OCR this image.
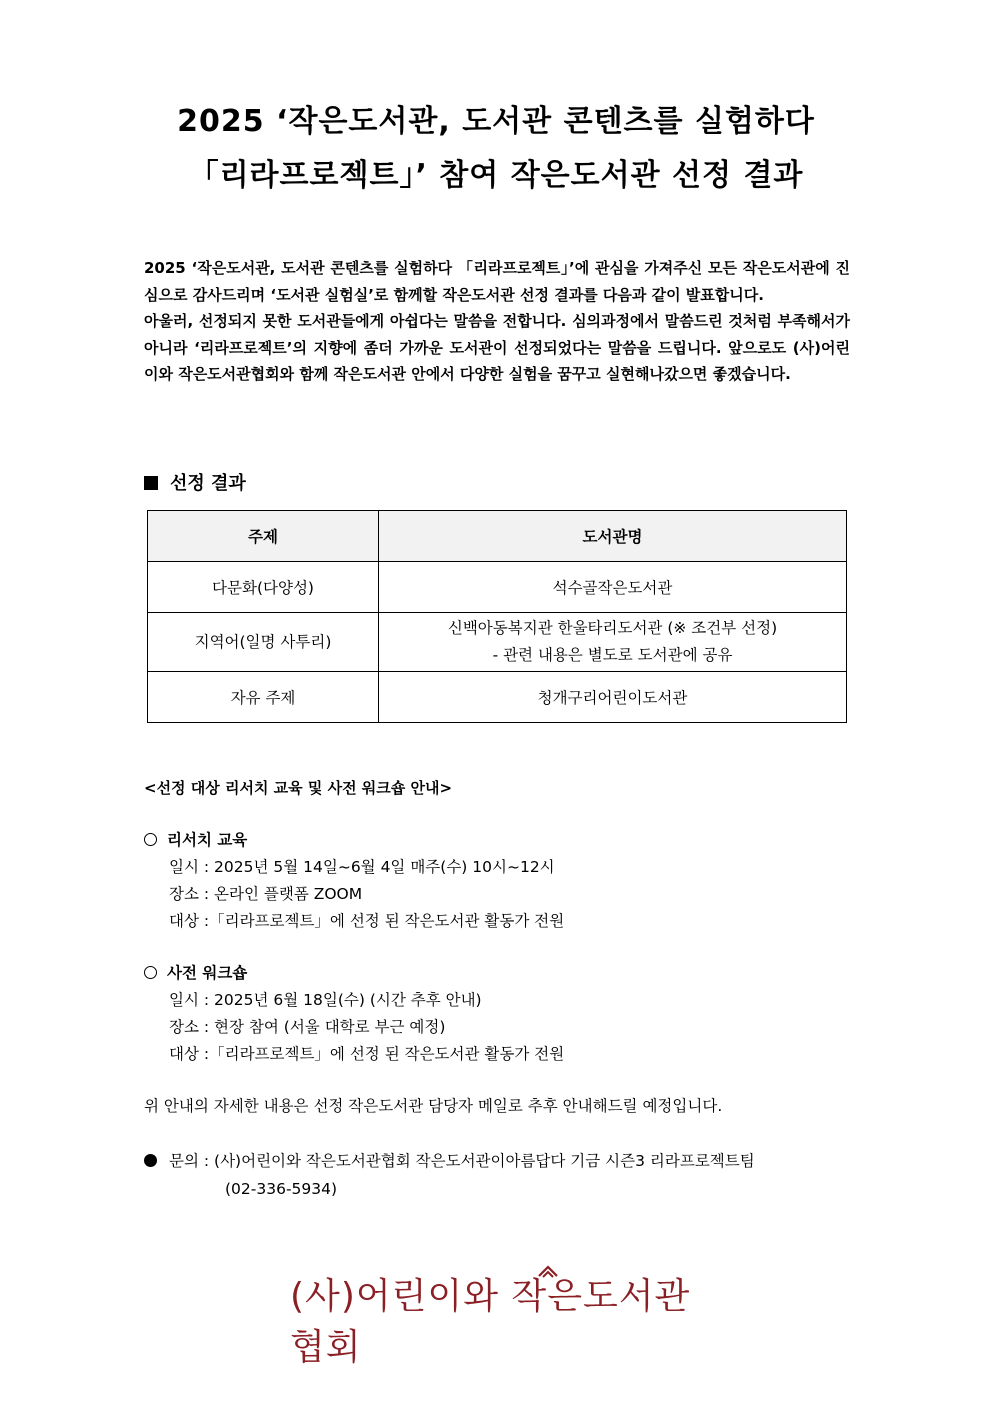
2025 ‘작은도서관, 도서관 콘텐츠를 실험하다
「리라프로젝트」’ 참여 작은도서관 선정 결과

2025 ‘작은도서관, 도서관 콘텐츠를 실험하다 「리라프로젝트」’에 관심을 가져주신 모든 작은도서관에 진심으로 감사드리며 ‘도서관 실험실’로 함께할 작은도서관 선정 결과를 다음과 같이 발표합니다.

아울러, 선정되지 못한 도서관들에게 아쉽다는 말씀을 전합니다. 심의과정에서 말씀드린 것처럼 부족해서가 아니라 ‘리라프로젝트’의 지향에 좀더 가까운 도서관이 선정되었다는 말씀을 드립니다. 앞으로도 (사)어린이와 작은도서관협회와 함께 작은도서관 안에서 다양한 실험을 꿈꾸고 실현해나갔으면 좋겠습니다.

선정 결과
주제	도서관명
다문화(다양성)	석수골작은도서관
지역어(일명 사투리)	신백아동복지관 한울타리도서관 (※ 조건부 선정)
- 관련 내용은 별도로 도서관에 공유

자유 주제	청개구리어린이도서관
<선정 대상 리서치 교육 및 사전 워크숍 안내>
리서치 교육
일시 : 2025년 5월 14일~6월 4일 매주(수) 10시~12시
장소 : 온라인 플랫폼 ZOOM
대상 :「리라프로젝트」에 선정 된 작은도서관 활동가 전원
사전 워크숍
일시 : 2025년 6월 18일(수) (시간 추후 안내)
장소 : 현장 참여 (서울 대학로 부근 예정)
대상 :「리라프로젝트」에 선정 된 작은도서관 활동가 전원
위 안내의 자세한 내용은 선정 작은도서관 담당자 메일로 추후 안내해드릴 예정입니다.
문의 : (사)어린이와 작은도서관협회 작은도서관이아름답다 기금 시즌3 리라프로젝트팀
(02-336-5934)
(사)어린이와 작은도서관협회
